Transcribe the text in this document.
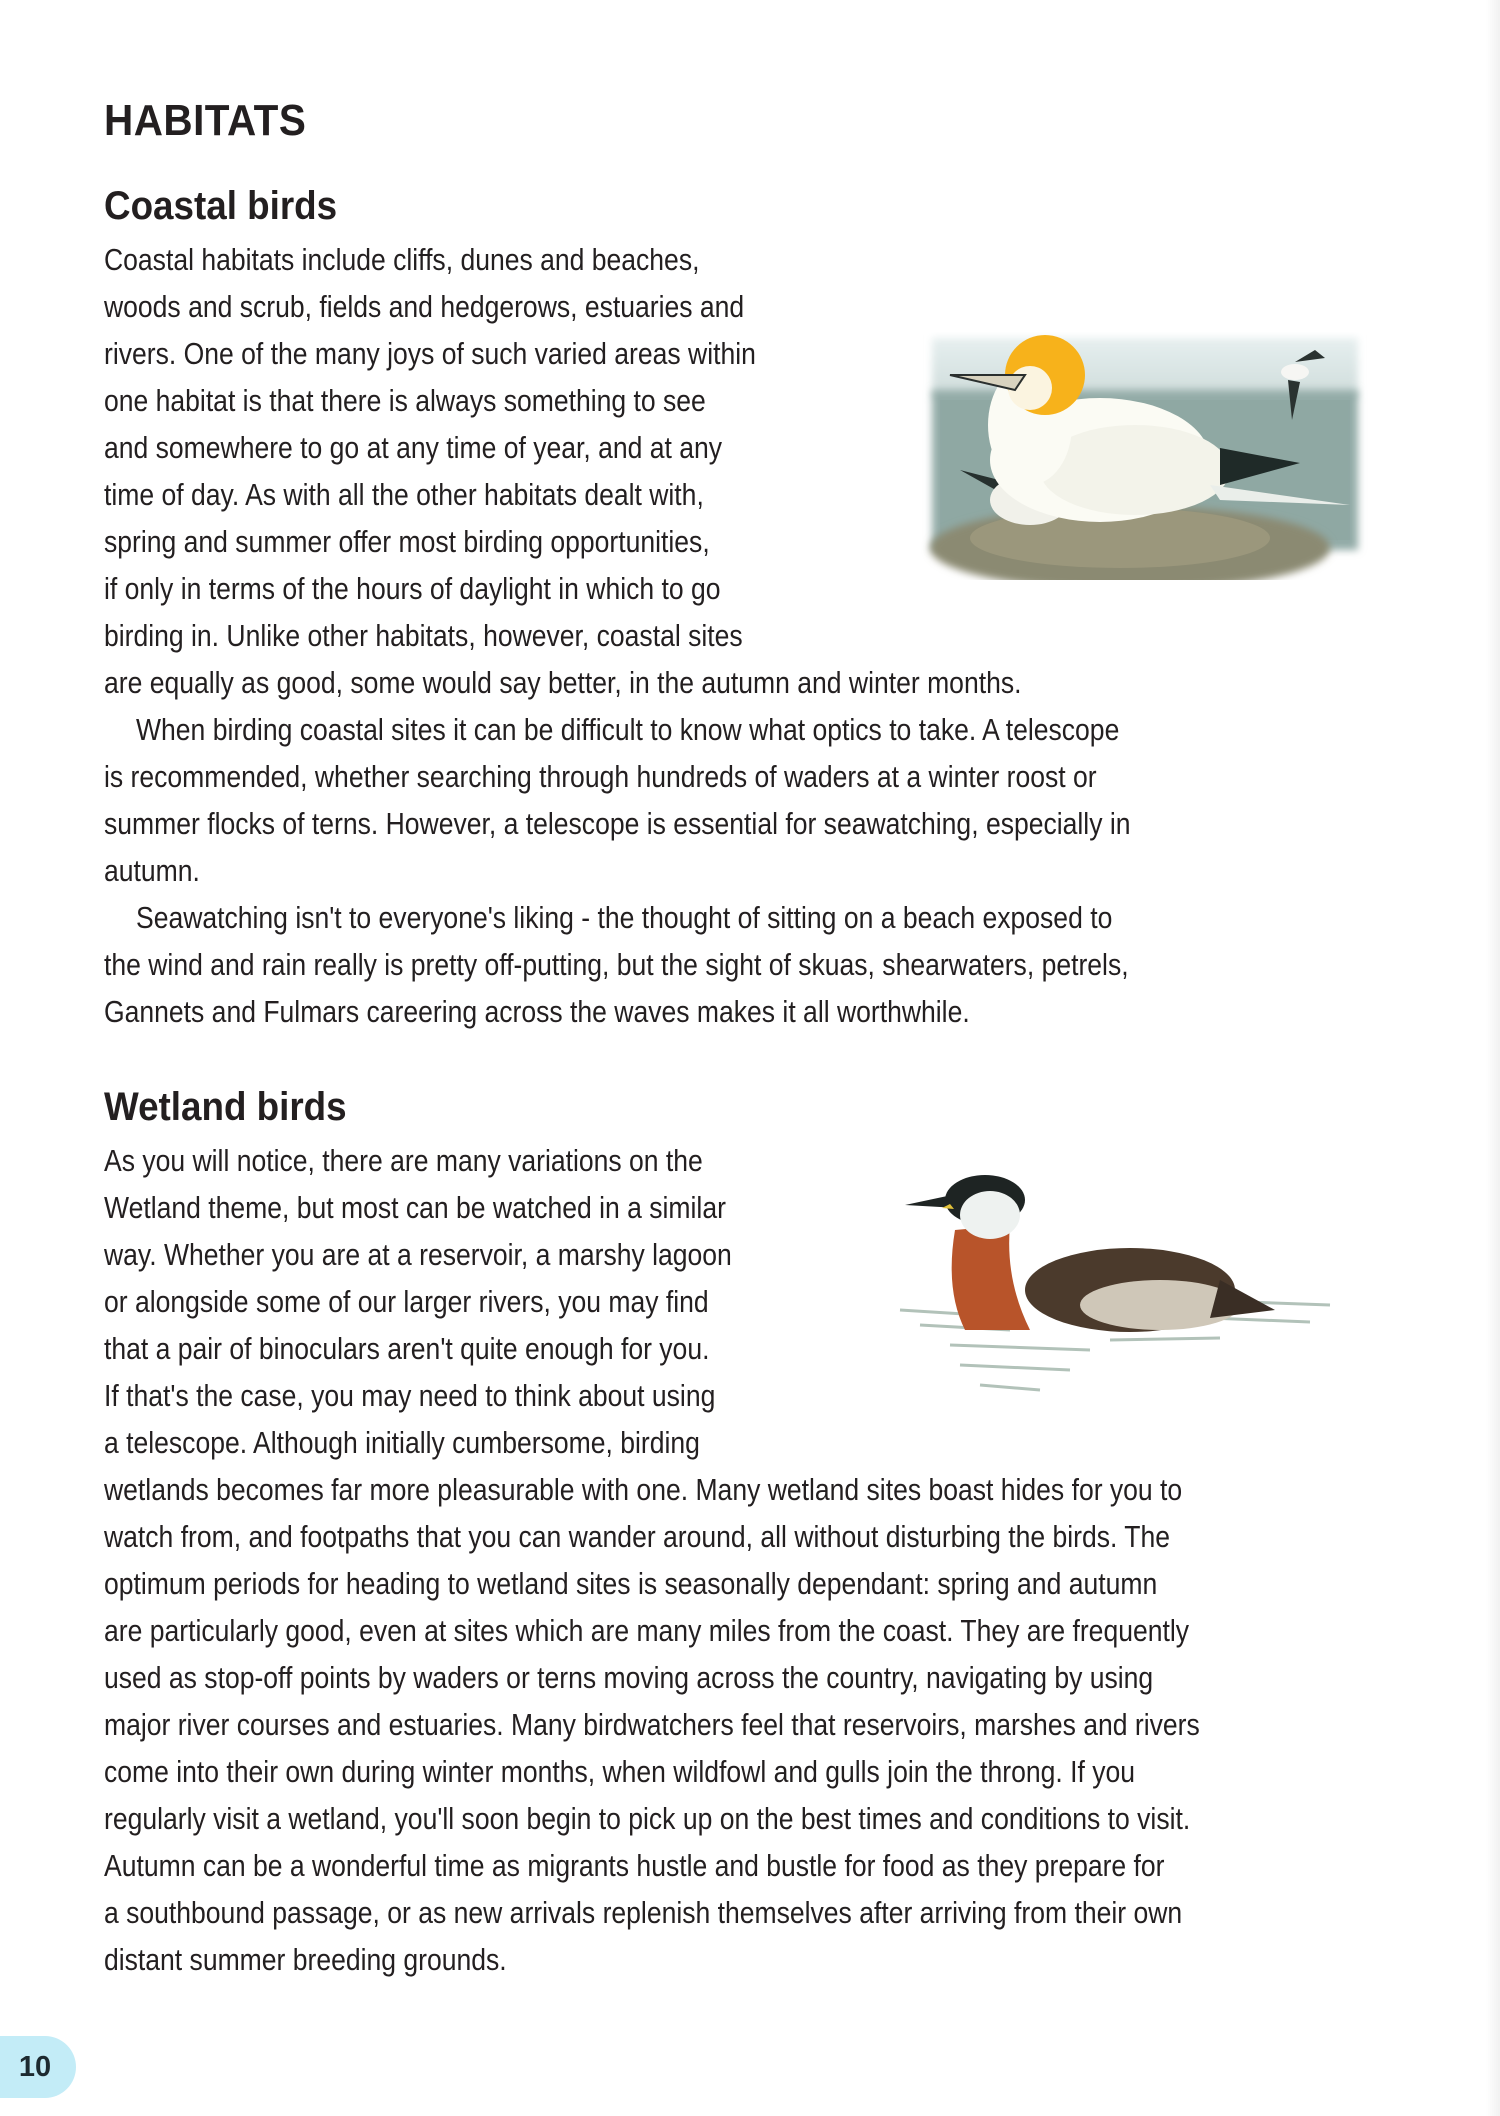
HABITATS
Coastal birds
Coastal habitats include cliffs, dunes and beaches,
woods and scrub, fields and hedgerows, estuaries and
rivers. One of the many joys of such varied areas within
one habitat is that there is always something to see
and somewhere to go at any time of year, and at any
time of day. As with all the other habitats dealt with,
spring and summer offer most birding opportunities,
if only in terms of the hours of daylight in which to go
birding in. Unlike other habitats, however, coastal sites
are equally as good, some would say better, in the autumn and winter months.
When birding coastal sites it can be difficult to know what optics to take. A telescope
is recommended, whether searching through hundreds of waders at a winter roost or
summer flocks of terns. However, a telescope is essential for seawatching, especially in
autumn.
Seawatching isn't to everyone's liking - the thought of sitting on a beach exposed to
the wind and rain really is pretty off-putting, but the sight of skuas, shearwaters, petrels,
Gannets and Fulmars careering across the waves makes it all worthwhile.
Wetland birds
As you will notice, there are many variations on the
Wetland theme, but most can be watched in a similar
way. Whether you are at a reservoir, a marshy lagoon
or alongside some of our larger rivers, you may find
that a pair of binoculars aren't quite enough for you.
If that's the case, you may need to think about using
a telescope. Although initially cumbersome, birding
wetlands becomes far more pleasurable with one. Many wetland sites boast hides for you to
watch from, and footpaths that you can wander around, all without disturbing the birds. The
optimum periods for heading to wetland sites is seasonally dependant: spring and autumn
are particularly good, even at sites which are many miles from the coast. They are frequently
used as stop-off points by waders or terns moving across the country, navigating by using
major river courses and estuaries. Many birdwatchers feel that reservoirs, marshes and rivers
come into their own during winter months, when wildfowl and gulls join the throng. If you
regularly visit a wetland, you'll soon begin to pick up on the best times and conditions to visit.
Autumn can be a wonderful time as migrants hustle and bustle for food as they prepare for
a southbound passage, or as new arrivals replenish themselves after arriving from their own
distant summer breeding grounds.
10
